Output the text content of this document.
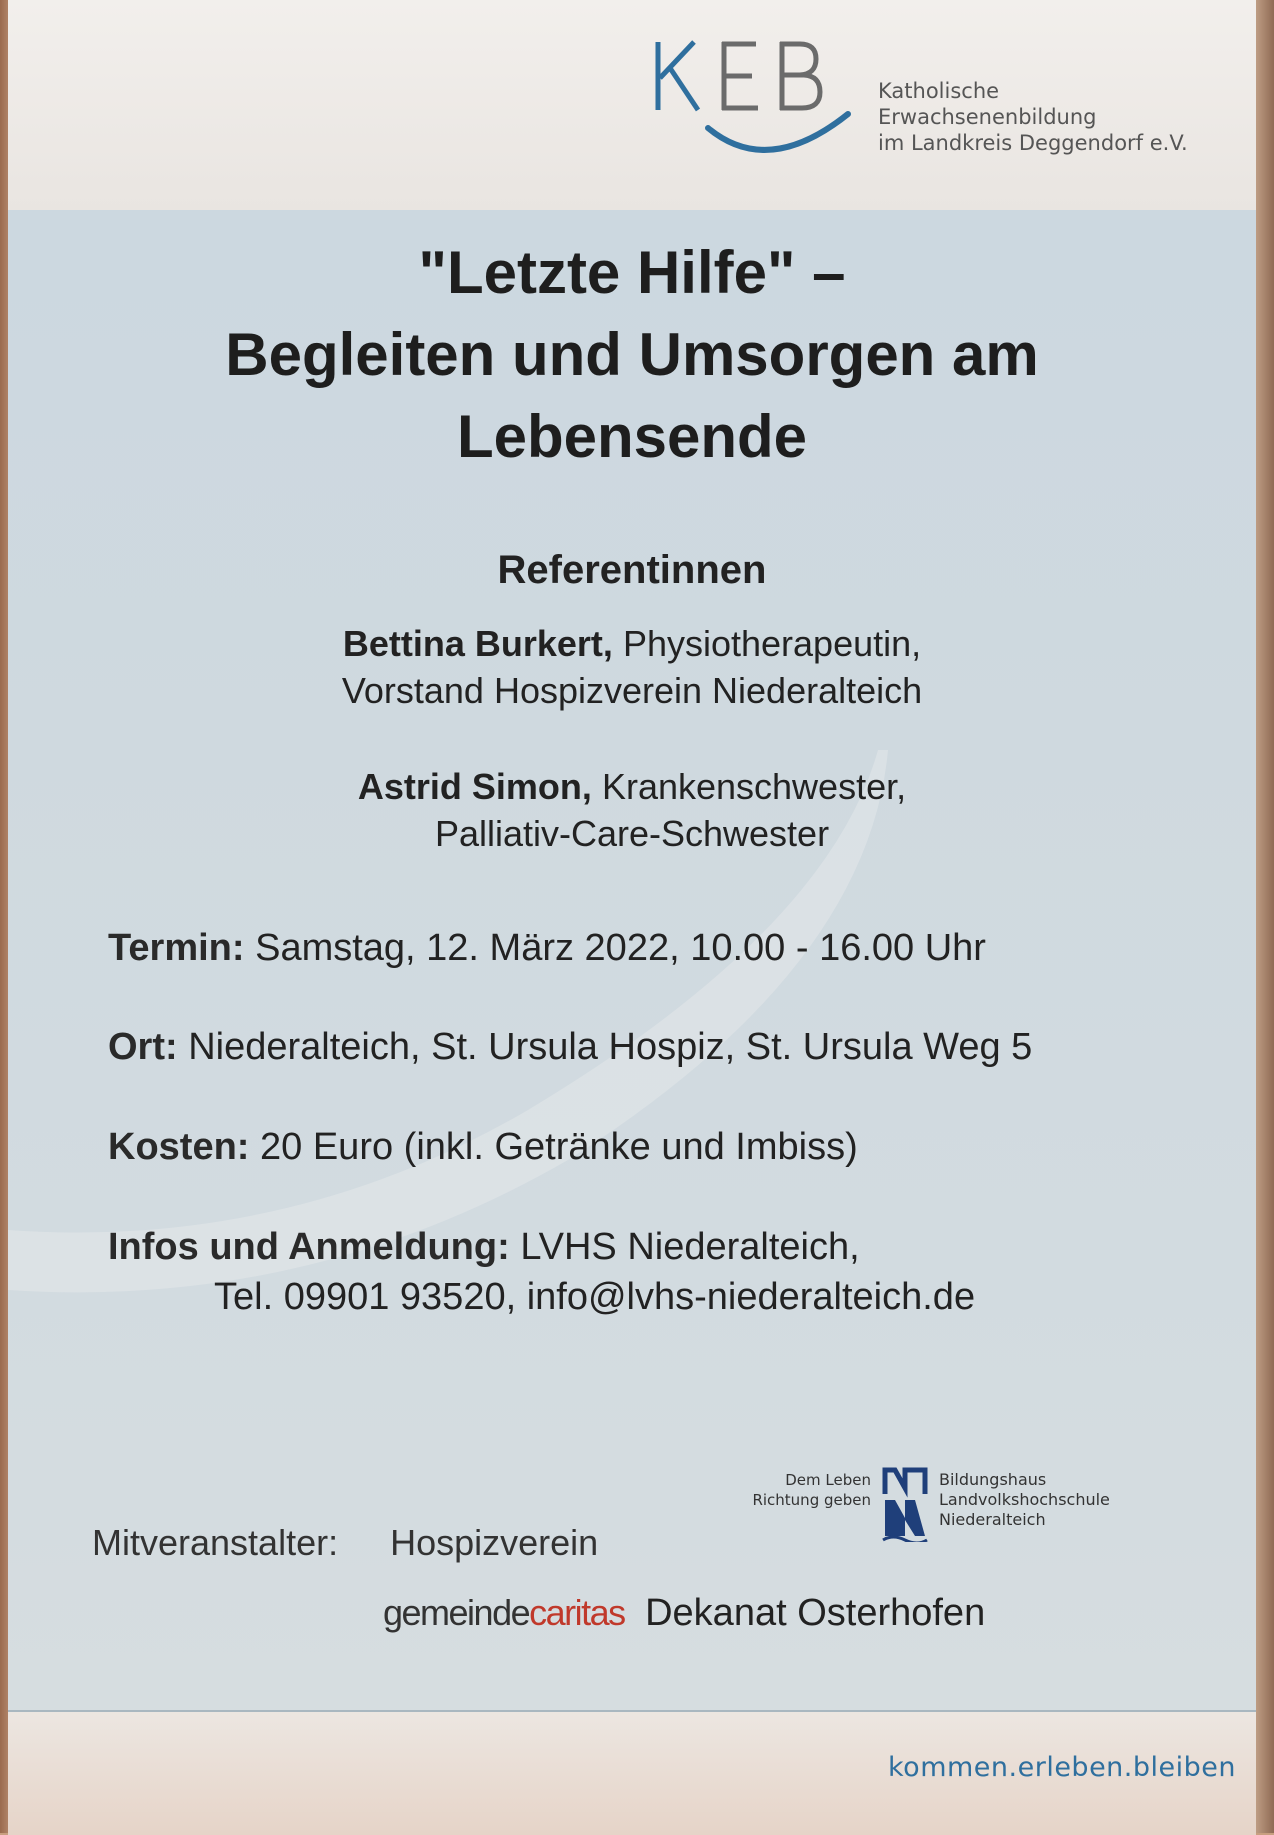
Katholische
Erwachsenenbildung
im Landkreis Deggendorf e.V.
"Letzte Hilfe" –
Begleiten und Umsorgen am
Lebensende
Referentinnen
Bettina Burkert, Physiotherapeutin,
Vorstand Hospizverein Niederalteich
Astrid Simon, Krankenschwester,
Palliativ-Care-Schwester
Termin: Samstag, 12. März 2022, 10.00 - 16.00 Uhr
Ort: Niederalteich, St. Ursula Hospiz, St. Ursula Weg 5
Kosten: 20 Euro (inkl. Getränke und Imbiss)
Infos und Anmeldung: LVHS Niederalteich,
Tel. 09901 93520, info@lvhs-niederalteich.de
Dem Leben
Richtung geben
Bildungshaus
Landvolkshochschule
Niederalteich
Mitveranstalter: Hospizverein
gemeindecaritas Dekanat Osterhofen
kommen.erleben.bleiben
